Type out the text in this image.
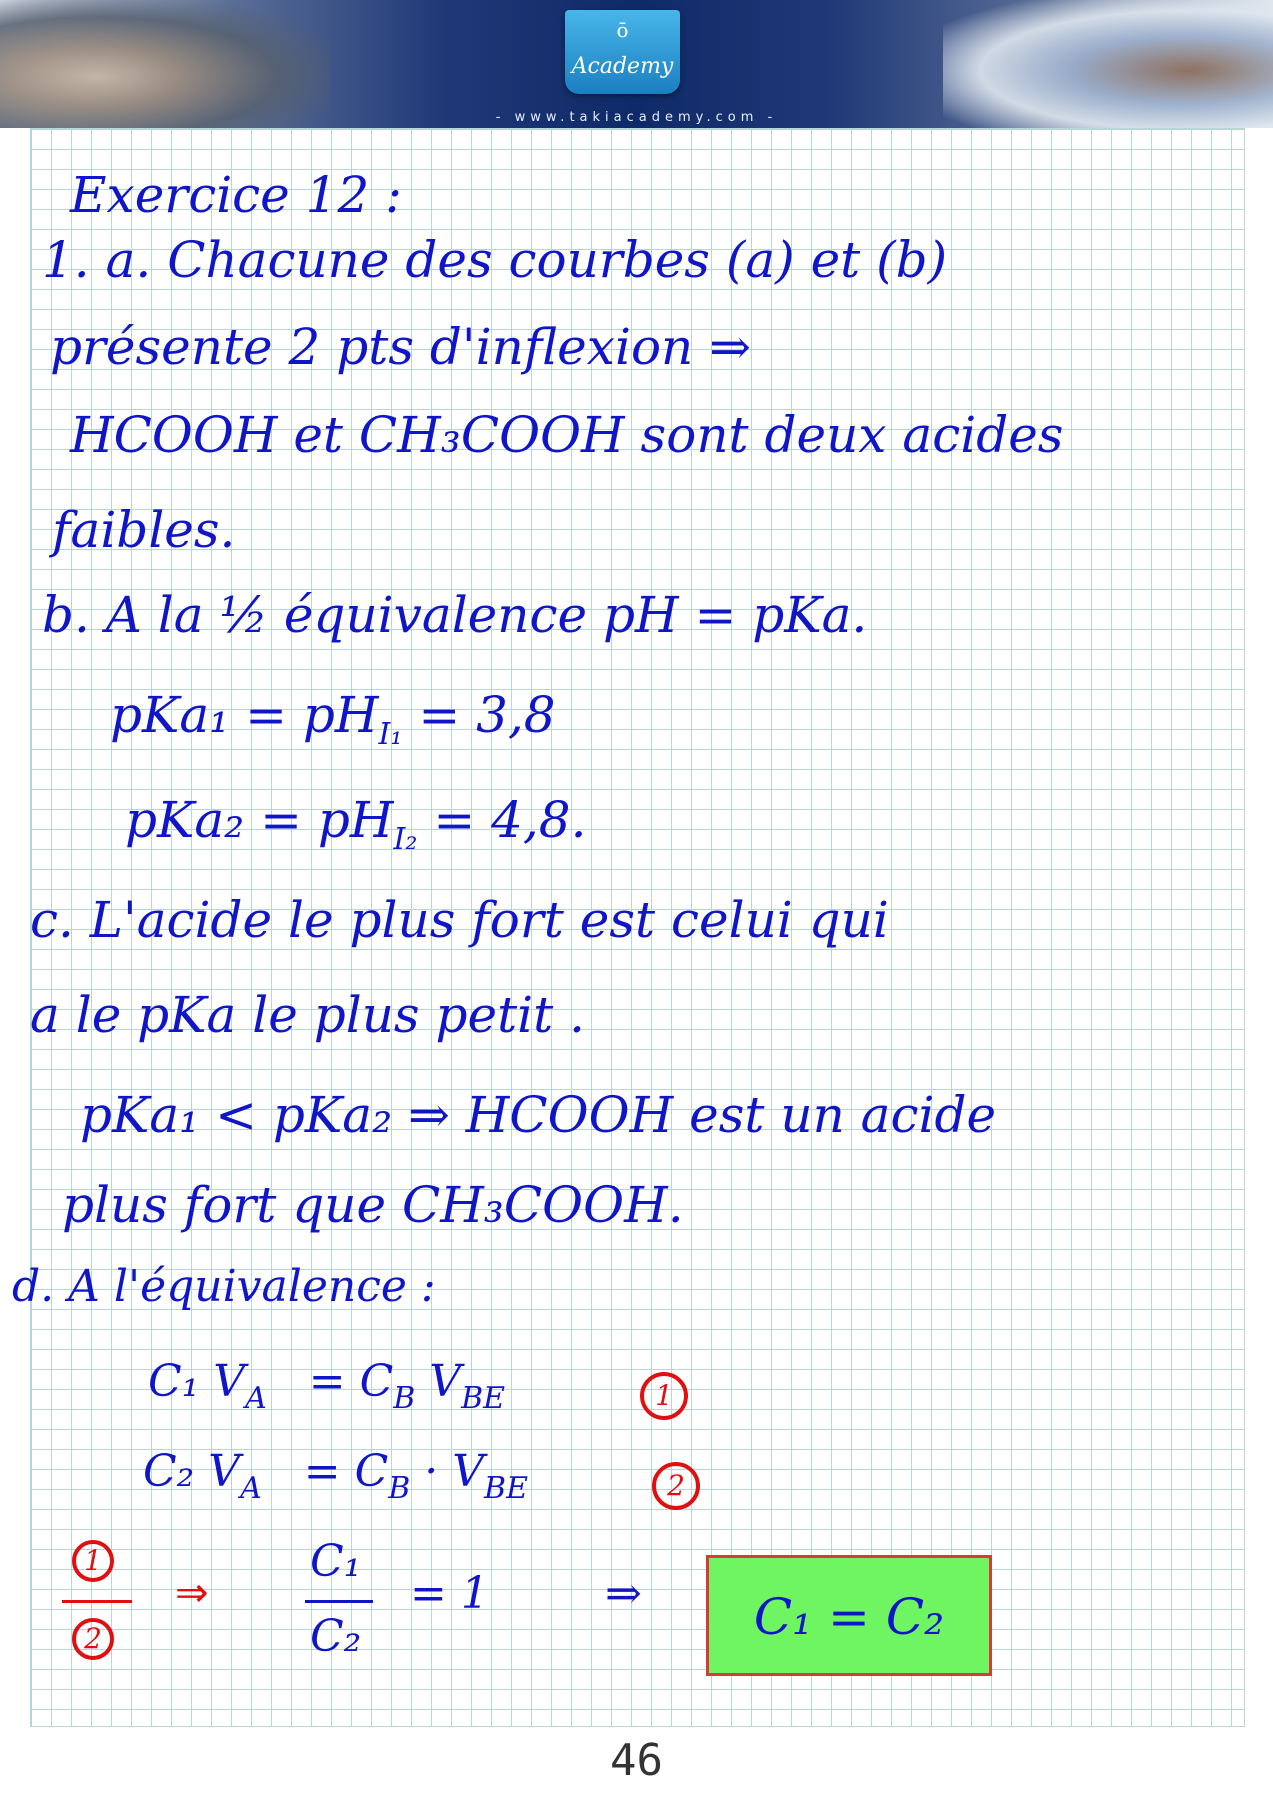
ō
Academy
- www.takiacademy.com -
Exercice 12 :
1. a. Chacune des courbes (a) et (b)
présente 2 pts d'inflexion ⇒
HCOOH et CH₃COOH sont deux acides
faibles.
b. A la ½ équivalence pH = pKa.
$pKa_1 = pH_{I_1} = 3,8$
$pKa_2 = pH_{I_2} = 4,8$.
c. L'acide le plus fort est celui qui
a le pKa le plus petit .
pKa₁ < pKa₂ ⇒ HCOOH est un acide
plus fort que CH₃COOH.
d. A l'équivalence :
C₁ $V_A = C_B$ $V_{BE}$	1
C₂ $V_A = C_B \cdot V_{BE}$	2
1
2
⇒
C₁
C₂
= 1	⇒	C₁ = C₂
46
